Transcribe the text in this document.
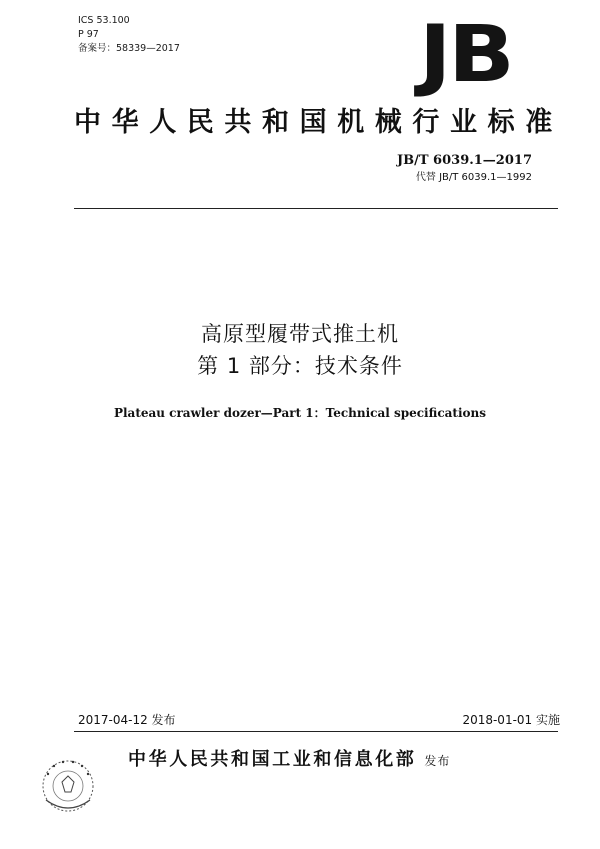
ICS 53.100
P 97
备案号：58339—2017	JB
中华人民共和国机械行业标准
JB/T 6039.1—2017
代替 JB/T 6039.1—1992
高原型履带式推土机
第 1 部分：技术条件
Plateau crawler dozer—Part 1：Technical specifications
2017-04-12 发布	2018-01-01 实施
中华人民共和国工业和信息化部 发布
